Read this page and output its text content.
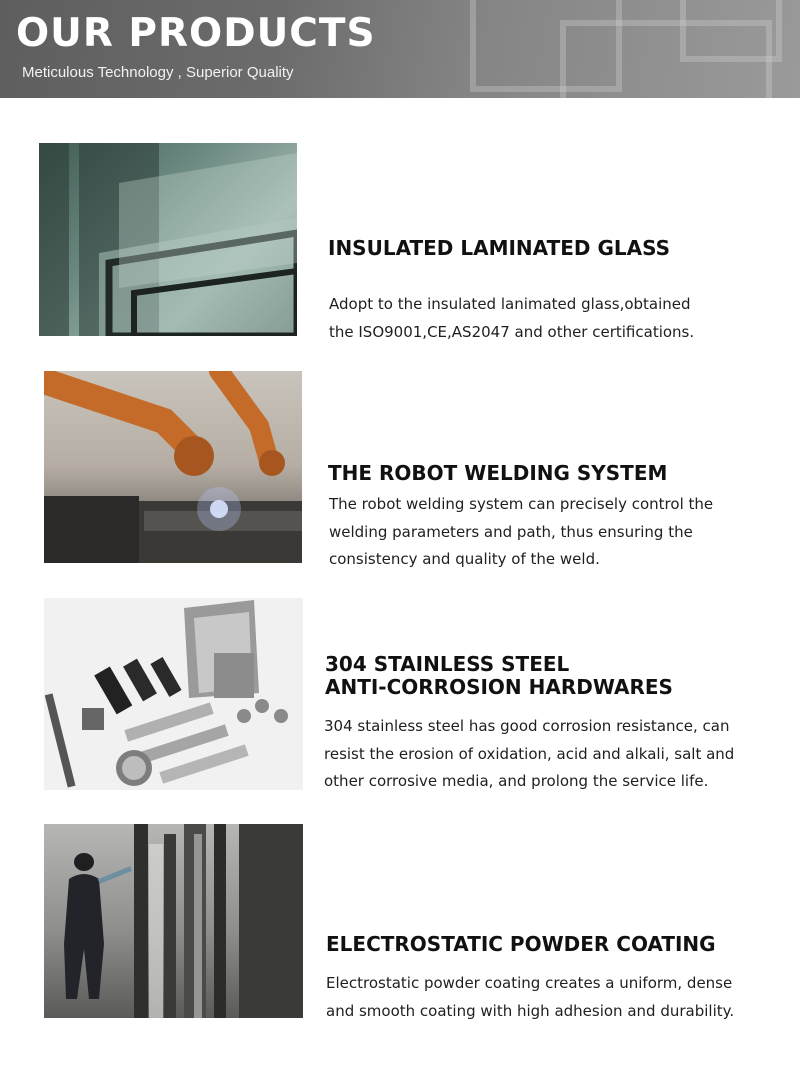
OUR PRODUCTS
Meticulous Technology , Superior Quality
INSULATED LAMINATED GLASS

Adopt to the insulated lanimated glass,obtained
the ISO9001,CE,AS2047 and other certifications.

THE ROBOT WELDING SYSTEM

The robot welding system can precisely control the
welding parameters and path, thus ensuring the
consistency and quality of the weld.

304 STAINLESS STEEL
ANTI-CORROSION HARDWARES

304 stainless steel has good corrosion resistance, can
resist the erosion of oxidation, acid and alkali, salt and
other corrosive media, and prolong the service life.

ELECTROSTATIC POWDER COATING

Electrostatic powder coating creates a uniform, dense
and smooth coating with high adhesion and durability.
